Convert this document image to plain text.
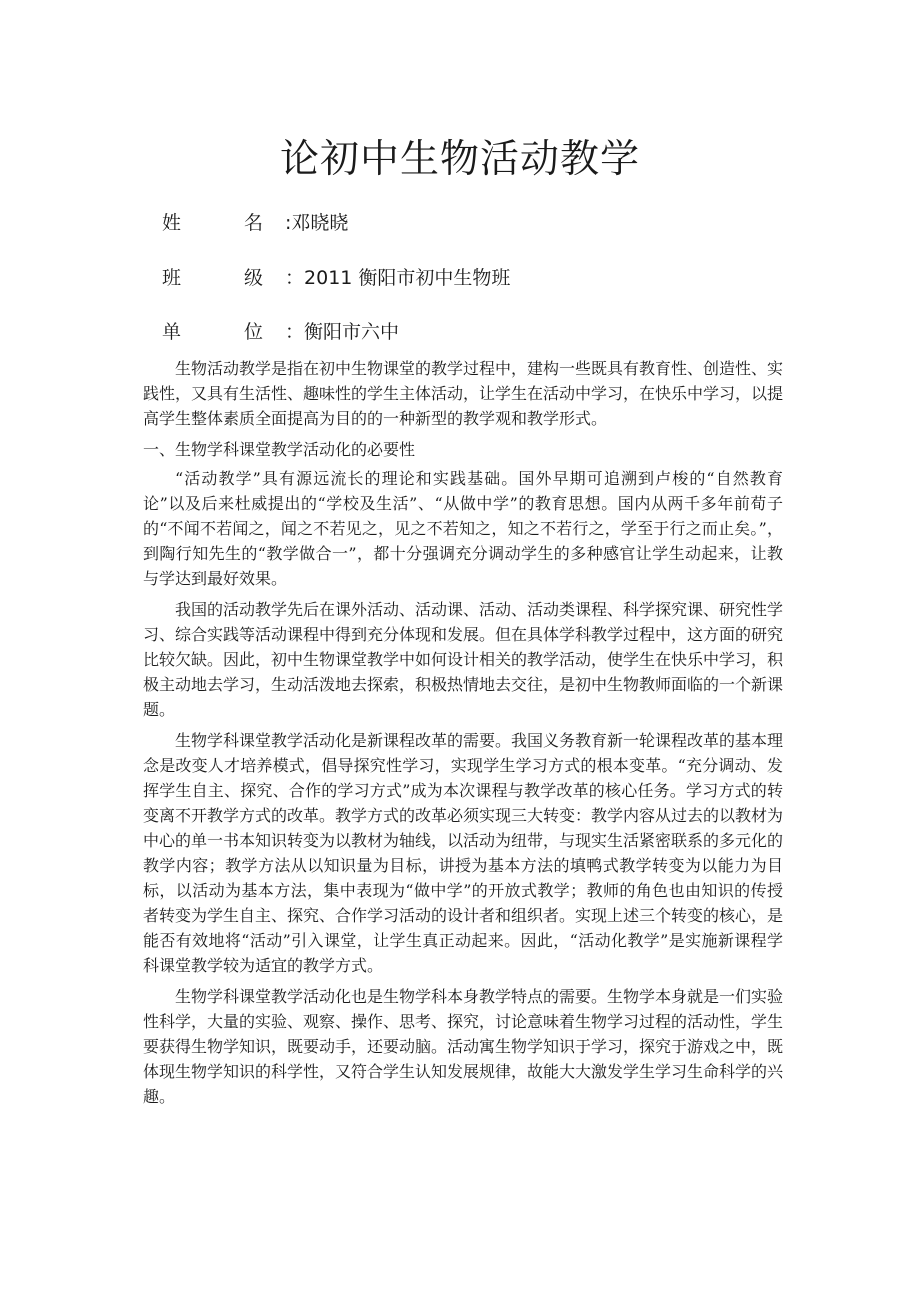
论初中生物活动教学
姓　名:邓晓晓
班　级：2011 衡阳市初中生物班
单　位：衡阳市六中

生物活动教学是指在初中生物课堂的教学过程中，建构一些既具有教育性、创造性、实践性，又具有生活性、趣味性的学生主体活动，让学生在活动中学习，在快乐中学习，以提高学生整体素质全面提高为目的的一种新型的教学观和教学形式。

一、生物学科课堂教学活动化的必要性

“活动教学”具有源远流长的理论和实践基础。国外早期可追溯到卢梭的“自然教育论”以及后来杜威提出的“学校及生活”、“从做中学”的教育思想。国内从两千多年前荀子的“不闻不若闻之，闻之不若见之，见之不若知之，知之不若行之，学至于行之而止矣。”，到陶行知先生的“教学做合一”，都十分强调充分调动学生的多种感官让学生动起来，让教与学达到最好效果。

我国的活动教学先后在课外活动、活动课、活动、活动类课程、科学探究课、研究性学习、综合实践等活动课程中得到充分体现和发展。但在具体学科教学过程中，这方面的研究比较欠缺。因此，初中生物课堂教学中如何设计相关的教学活动，使学生在快乐中学习，积极主动地去学习，生动活泼地去探索，积极热情地去交往，是初中生物教师面临的一个新课题。

生物学科课堂教学活动化是新课程改革的需要。我国义务教育新一轮课程改革的基本理念是改变人才培养模式，倡导探究性学习，实现学生学习方式的根本变革。“充分调动、发挥学生自主、探究、合作的学习方式”成为本次课程与教学改革的核心任务。学习方式的转变离不开教学方式的改革。教学方式的改革必须实现三大转变：教学内容从过去的以教材为中心的单一书本知识转变为以教材为轴线，以活动为纽带，与现实生活紧密联系的多元化的教学内容；教学方法从以知识量为目标，讲授为基本方法的填鸭式教学转变为以能力为目标，以活动为基本方法，集中表现为“做中学”的开放式教学；教师的角色也由知识的传授者转变为学生自主、探究、合作学习活动的设计者和组织者。实现上述三个转变的核心，是能否有效地将“活动”引入课堂，让学生真正动起来。因此，“活动化教学”是实施新课程学科课堂教学较为适宜的教学方式。

生物学科课堂教学活动化也是生物学科本身教学特点的需要。生物学本身就是一们实验性科学，大量的实验、观察、操作、思考、探究，讨论意味着生物学习过程的活动性，学生要获得生物学知识，既要动手，还要动脑。活动寓生物学知识于学习，探究于游戏之中，既体现生物学知识的科学性，又符合学生认知发展规律，故能大大激发学生学习生命科学的兴趣。
